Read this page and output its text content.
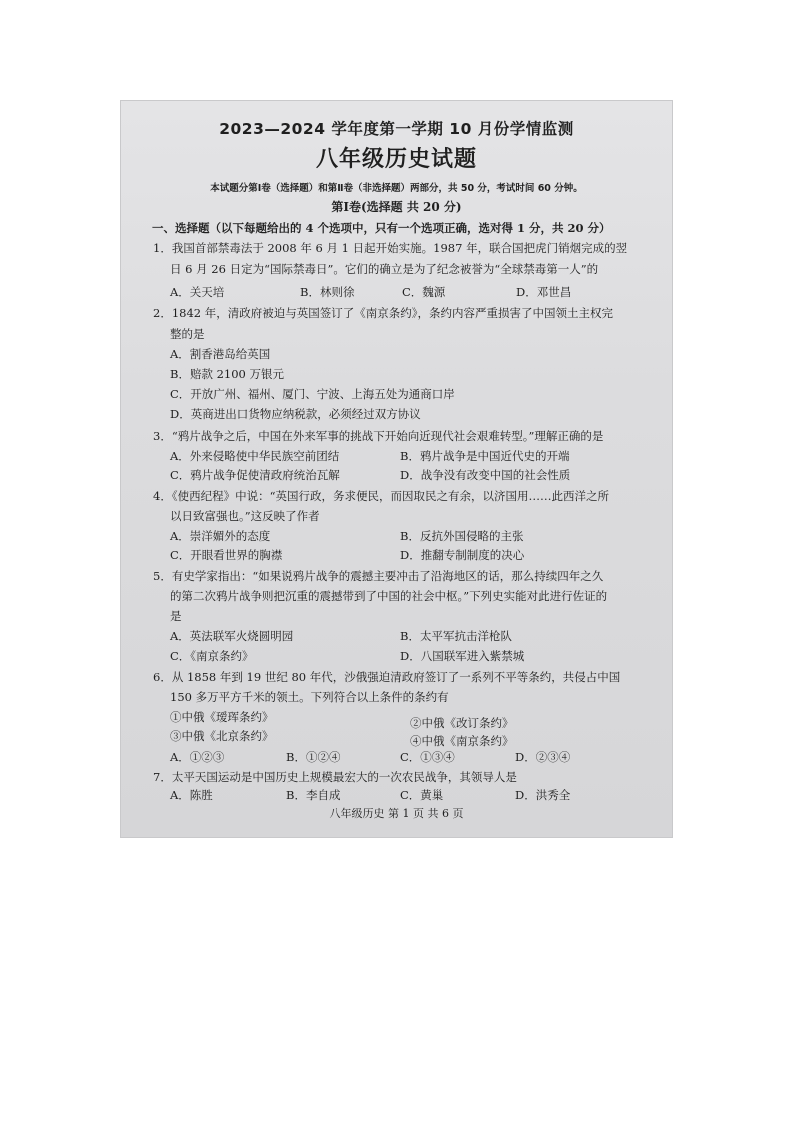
2023—2024 学年度第一学期 10 月份学情监测
八年级历史试题
本试题分第Ⅰ卷（选择题）和第Ⅱ卷（非选择题）两部分，共 50 分，考试时间 60 分钟。
第Ⅰ卷(选择题 共 20 分)
一、选择题（以下每题给出的 4 个选项中，只有一个选项正确，选对得 1 分，共 20 分）
1．我国首部禁毒法于 2008 年 6 月 1 日起开始实施。1987 年，联合国把虎门销烟完成的翌
日 6 月 26 日定为“国际禁毒日”。它们的确立是为了纪念被誉为“全球禁毒第一人”的
A．关天培	B．林则徐	C．魏源	D．邓世昌
2．1842 年，清政府被迫与英国签订了《南京条约》，条约内容严重损害了中国领土主权完
整的是
A．割香港岛给英国
B．赔款 2100 万银元
C．开放广州、福州、厦门、宁波、上海五处为通商口岸
D．英商进出口货物应纳税款，必须经过双方协议
3．“鸦片战争之后，中国在外来军事的挑战下开始向近现代社会艰难转型。”理解正确的是
A．外来侵略使中华民族空前团结	B．鸦片战争是中国近代史的开端
C．鸦片战争促使清政府统治瓦解	D．战争没有改变中国的社会性质
4．《使西纪程》中说：“英国行政，务求便民，而因取民之有余，以济国用……此西洋之所
以日致富强也。”这反映了作者
A．崇洋媚外的态度	B．反抗外国侵略的主张
C．开眼看世界的胸襟	D．推翻专制制度的决心
5．有史学家指出：“如果说鸦片战争的震撼主要冲击了沿海地区的话，那么持续四年之久
的第二次鸦片战争则把沉重的震撼带到了中国的社会中枢。”下列史实能对此进行佐证的
是
A．英法联军火烧圆明园	B．太平军抗击洋枪队
C．《南京条约》	D．八国联军进入紫禁城
6．从 1858 年到 19 世纪 80 年代，沙俄强迫清政府签订了一系列不平等条约，共侵占中国
150 多万平方千米的领土。下列符合以上条件的条约有
①中俄《瑷珲条约》	②中俄《改订条约》
③中俄《北京条约》	④中俄《南京条约》
A．①②③	B．①②④	C．①③④	D．②③④
7．太平天国运动是中国历史上规模最宏大的一次农民战争，其领导人是
A．陈胜	B．李自成	C．黄巢	D．洪秀全
八年级历史 第 1 页 共 6 页
